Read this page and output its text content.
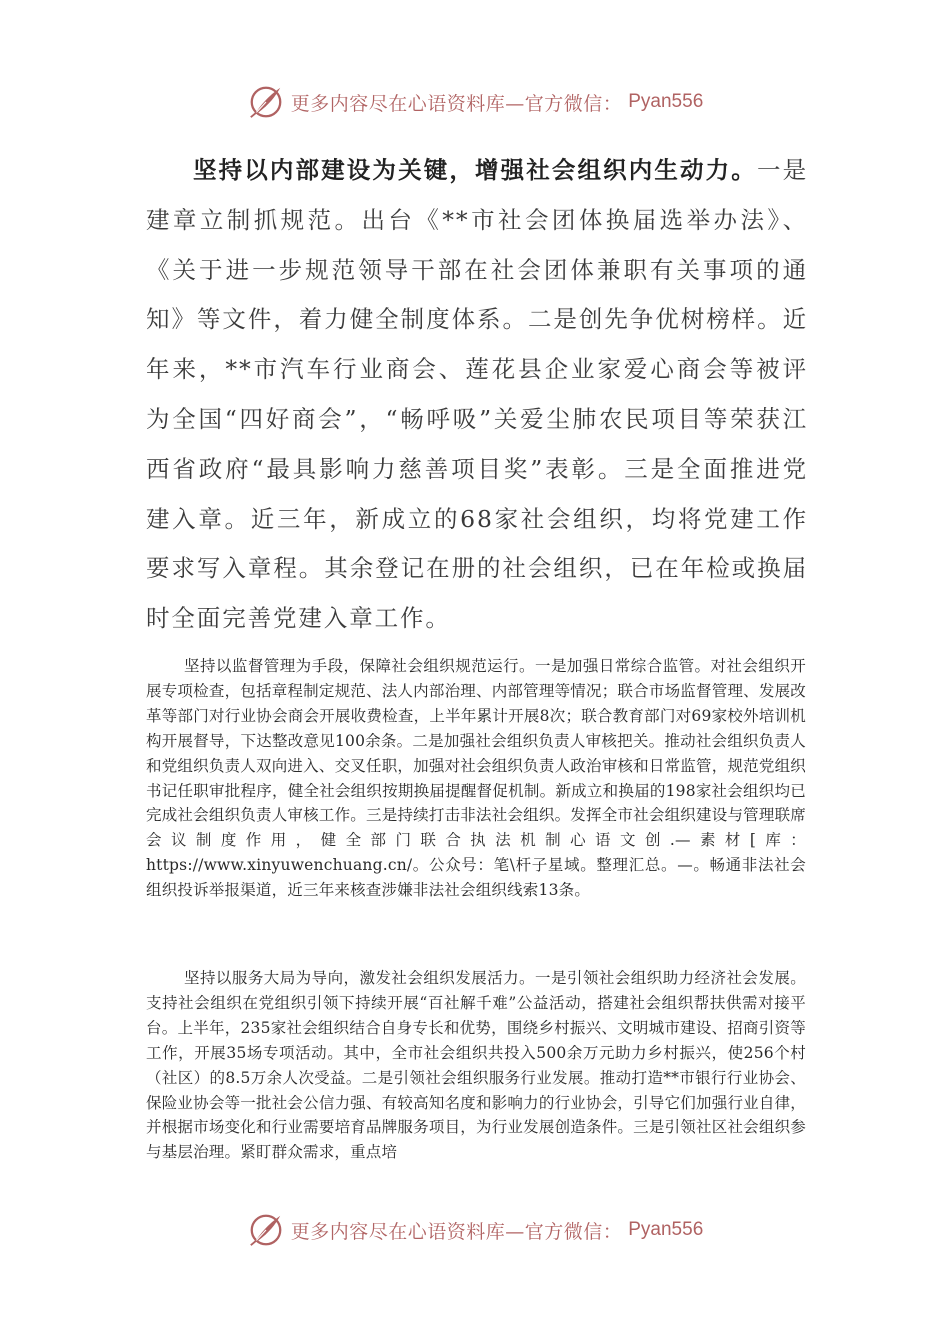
更多内容尽在心语资料库—官方微信： Pyan556

坚持以内部建设为关键，增强社会组织内生动力。一是建章立制抓规范。出台《**市社会团体换届选举办法》、《关于进一步规范领导干部在社会团体兼职有关事项的通知》等文件，着力健全制度体系。二是创先争优树榜样。近年来，**市汽车行业商会、莲花县企业家爱心商会等被评为全国“四好商会”，“畅呼吸”关爱尘肺农民项目等荣获江西省政府“最具影响力慈善项目奖”表彰。三是全面推进党建入章。近三年，新成立的68家社会组织，均将党建工作要求写入章程。其余登记在册的社会组织，已在年检或换届时全面完善党建入章工作。

坚持以监督管理为手段，保障社会组织规范运行。一是加强日常综合监管。对社会组织开展专项检查，包括章程制定规范、法人内部治理、内部管理等情况；联合市场监督管理、发展改革等部门对行业协会商会开展收费检查，上半年累计开展8次；联合教育部门对69家校外培训机构开展督导，下达整改意见100余条。二是加强社会组织负责人审核把关。推动社会组织负责人和党组织负责人双向进入、交叉任职，加强对社会组织负责人政治审核和日常监管，规范党组织书记任职审批程序，健全社会组织按期换届提醒督促机制。新成立和换届的198家社会组织均已完成社会组织负责人审核工作。三是持续打击非法社会组织。发挥全市社会组织建设与管理联席会议制度作用，健全部门联合执法机制心语文创.—素材[库：https://www.xinyuwenchuang.cn/。公众号：笔\杆子星域。整理汇总。—。畅通非法社会组织投诉举报渠道，近三年来核查涉嫌非法社会组织线索13条。

坚持以服务大局为导向，激发社会组织发展活力。一是引领社会组织助力经济社会发展。支持社会组织在党组织引领下持续开展“百社解千难”公益活动，搭建社会组织帮扶供需对接平台。上半年，235家社会组织结合自身专长和优势，围绕乡村振兴、文明城市建设、招商引资等工作，开展35场专项活动。其中，全市社会组织共投入500余万元助力乡村振兴，使256个村（社区）的8.5万余人次受益。二是引领社会组织服务行业发展。推动打造**市银行行业协会、保险业协会等一批社会公信力强、有较高知名度和影响力的行业协会，引导它们加强行业自律，并根据市场变化和行业需要培育品牌服务项目，为行业发展创造条件。三是引领社区社会组织参与基层治理。紧盯群众需求，重点培

更多内容尽在心语资料库—官方微信： Pyan556
